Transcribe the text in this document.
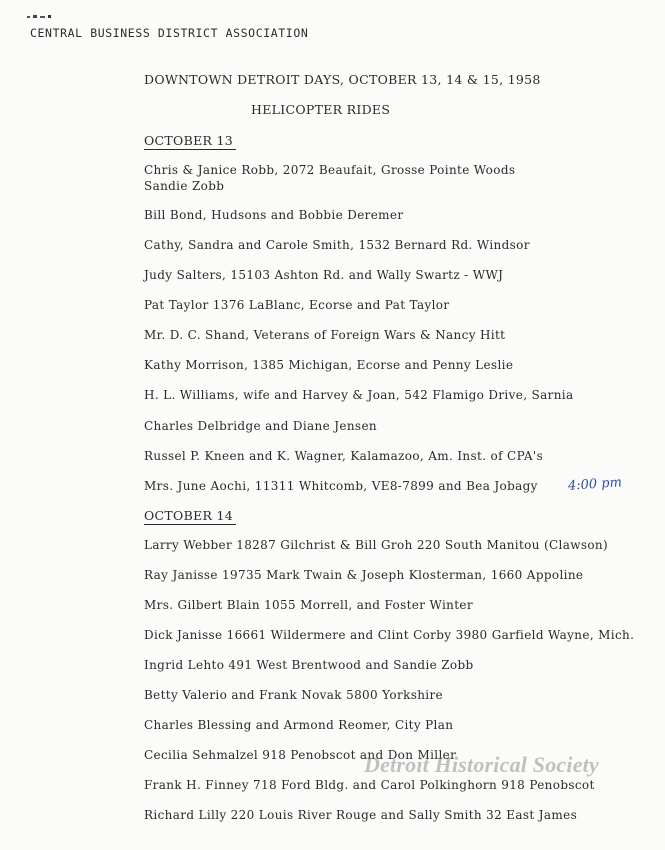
CENTRAL BUSINESS DISTRICT ASSOCIATION
DOWNTOWN DETROIT DAYS, OCTOBER 13, 14 & 15, 1958
HELICOPTER RIDES
OCTOBER 13
Chris & Janice Robb, 2072 Beaufait, Grosse Pointe Woods
Sandie Zobb
Bill Bond, Hudsons and Bobbie Deremer
Cathy, Sandra and Carole Smith, 1532 Bernard Rd. Windsor
Judy Salters, 15103 Ashton Rd. and Wally Swartz - WWJ
Pat Taylor 1376 LaBlanc, Ecorse and Pat Taylor
Mr. D. C. Shand, Veterans of Foreign Wars & Nancy Hitt
Kathy Morrison, 1385 Michigan, Ecorse and Penny Leslie
H. L. Williams, wife and Harvey & Joan, 542 Flamigo Drive, Sarnia
Charles Delbridge and Diane Jensen
Russel P. Kneen and K. Wagner, Kalamazoo, Am. Inst. of CPA's
Mrs. June Aochi, 11311 Whitcomb, VE8-7899 and Bea Jobagy 4:00 pm
OCTOBER 14
Larry Webber 18287 Gilchrist & Bill Groh 220 South Manitou (Clawson)
Ray Janisse 19735 Mark Twain & Joseph Klosterman, 1660 Appoline
Mrs. Gilbert Blain 1055 Morrell, and Foster Winter
Dick Janisse 16661 Wildermere and Clint Corby 3980 Garfield Wayne, Mich.
Ingrid Lehto 491 West Brentwood and Sandie Zobb
Betty Valerio and Frank Novak 5800 Yorkshire
Charles Blessing and Armond Reomer, City Plan
Cecilia Sehmalzel 918 Penobscot and Don Miller
Frank H. Finney 718 Ford Bldg. and Carol Polkinghorn 918 Penobscot
Richard Lilly 220 Louis River Rouge and Sally Smith 32 East James
Detroit Historical Society
